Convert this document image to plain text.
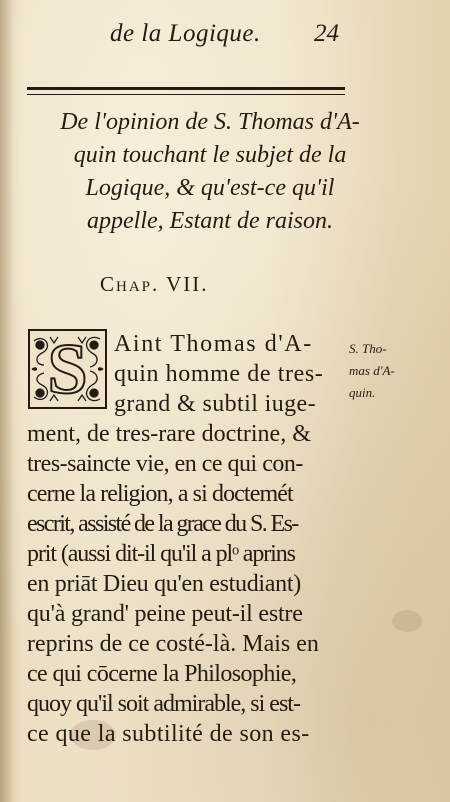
de la Logique. 24
De l'opinion de S. Thomas d'A-
quin touchant le subjet de la
Logique, & qu'est-ce qu'il
appelle, Estant de raison.
Chap. VII.
S	Aint Thomas d'A-
quin homme de tres-
grand & subtil iuge-
ment, de tres-rare doctrine, &
tres-saincte vie, en ce qui con-
cerne la religion, a si doctemét
escrit, assisté de la grace du S. Es-
prit (aussi dit-il qu'il a plᵒ aprins
en priāt Dieu qu'en estudiant)
qu'à grand' peine peut-il estre
reprins de ce costé-là. Mais en
ce qui cōcerne la Philosophie,
quoy qu'il soit admirable, si est-
ce que la subtilité de son es-
S. Tho-
mas d'A-
quin.
